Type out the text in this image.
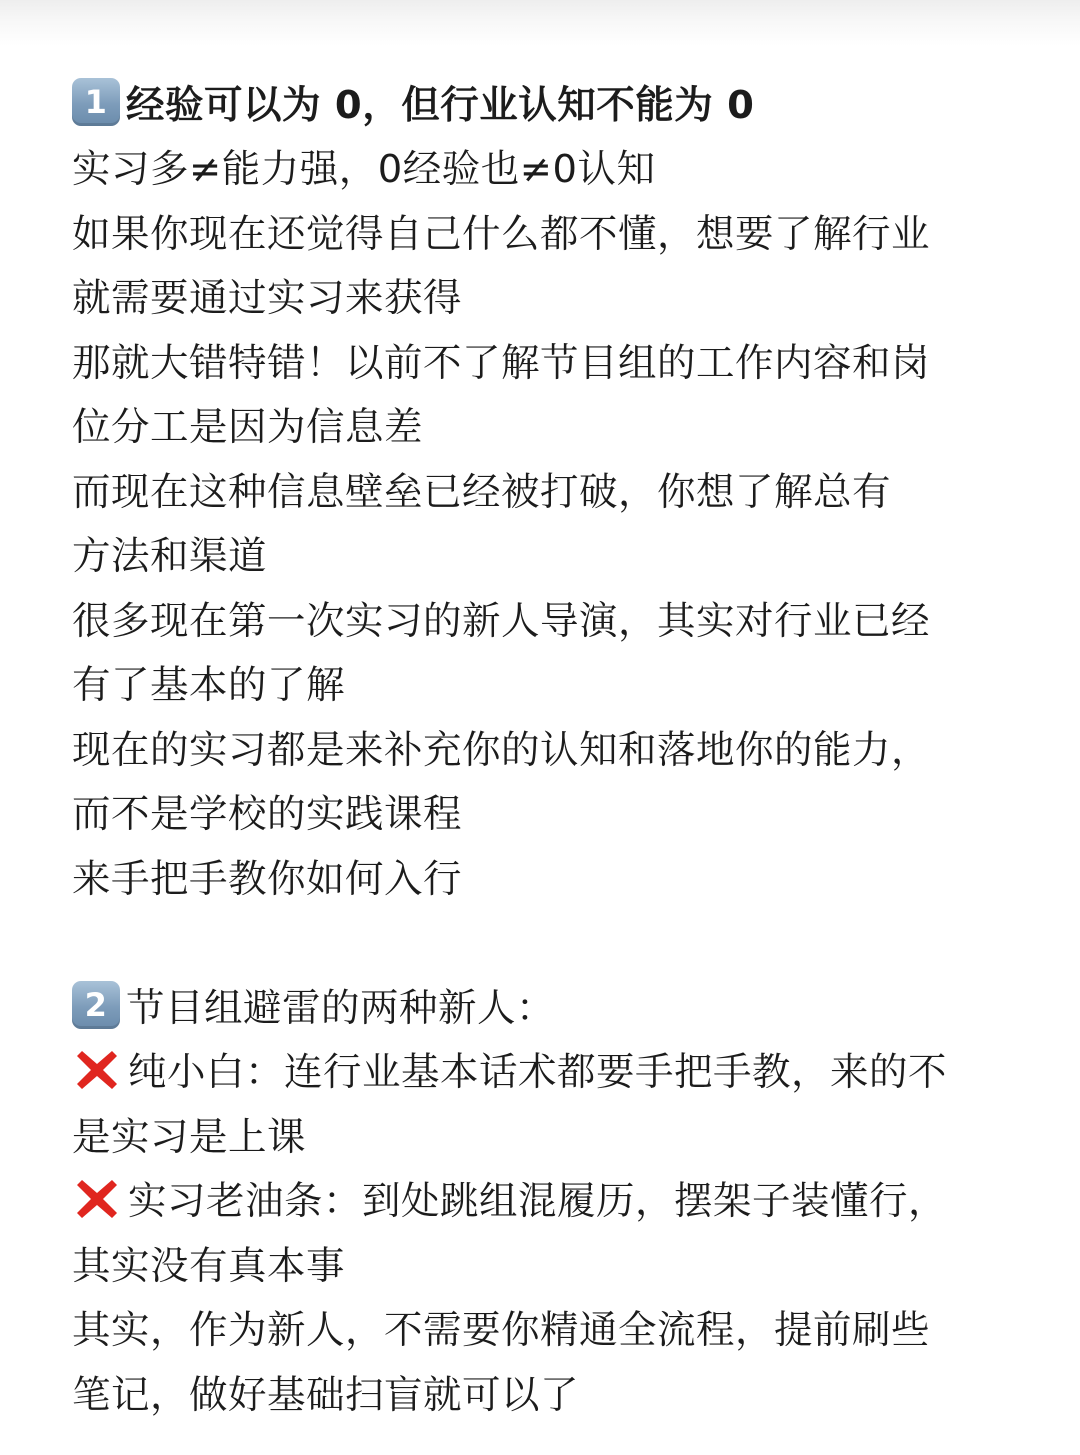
1 经验可以为 0，但行业认知不能为 0
实习多≠能力强，0经验也≠0认知
如果你现在还觉得自己什么都不懂，想要了解行业
就需要通过实习来获得
那就大错特错！以前不了解节目组的工作内容和岗
位分工是因为信息差
而现在这种信息壁垒已经被打破，你想了解总有
方法和渠道
很多现在第一次实习的新人导演，其实对行业已经
有了基本的了解
现在的实习都是来补充你的认知和落地你的能力，
而不是学校的实践课程
来手把手教你如何入行
2 节目组避雷的两种新人：
纯小白：连行业基本话术都要手把手教，来的不
是实习是上课
实习老油条：到处跳组混履历，摆架子装懂行，
其实没有真本事
其实，作为新人，不需要你精通全流程，提前刷些
笔记，做好基础扫盲就可以了
